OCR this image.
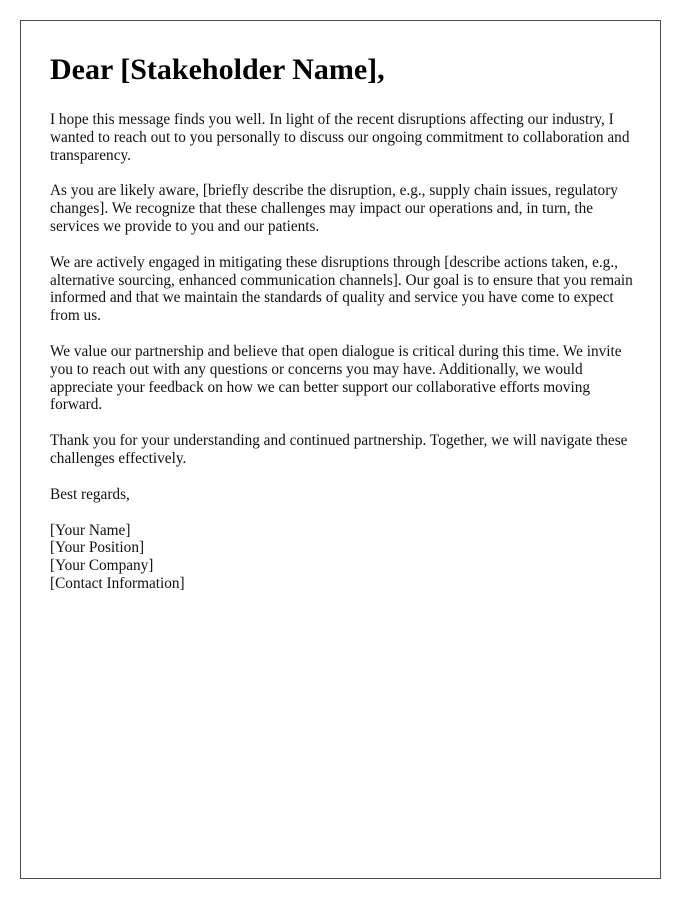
Dear [Stakeholder Name],

I hope this message finds you well. In light of the recent disruptions affecting our industry, I wanted to reach out to you personally to discuss our ongoing commitment to collaboration and transparency.

As you are likely aware, [briefly describe the disruption, e.g., supply chain issues, regulatory changes]. We recognize that these challenges may impact our operations and, in turn, the services we provide to you and our patients.

We are actively engaged in mitigating these disruptions through [describe actions taken, e.g., alternative sourcing, enhanced communication channels]. Our goal is to ensure that you remain informed and that we maintain the standards of quality and service you have come to expect from us.

We value our partnership and believe that open dialogue is critical during this time. We invite you to reach out with any questions or concerns you may have. Additionally, we would appreciate your feedback on how we can better support our collaborative efforts moving forward.

Thank you for your understanding and continued partnership. Together, we will navigate these challenges effectively.

Best regards,

[Your Name]
[Your Position]
[Your Company]
[Contact Information]
